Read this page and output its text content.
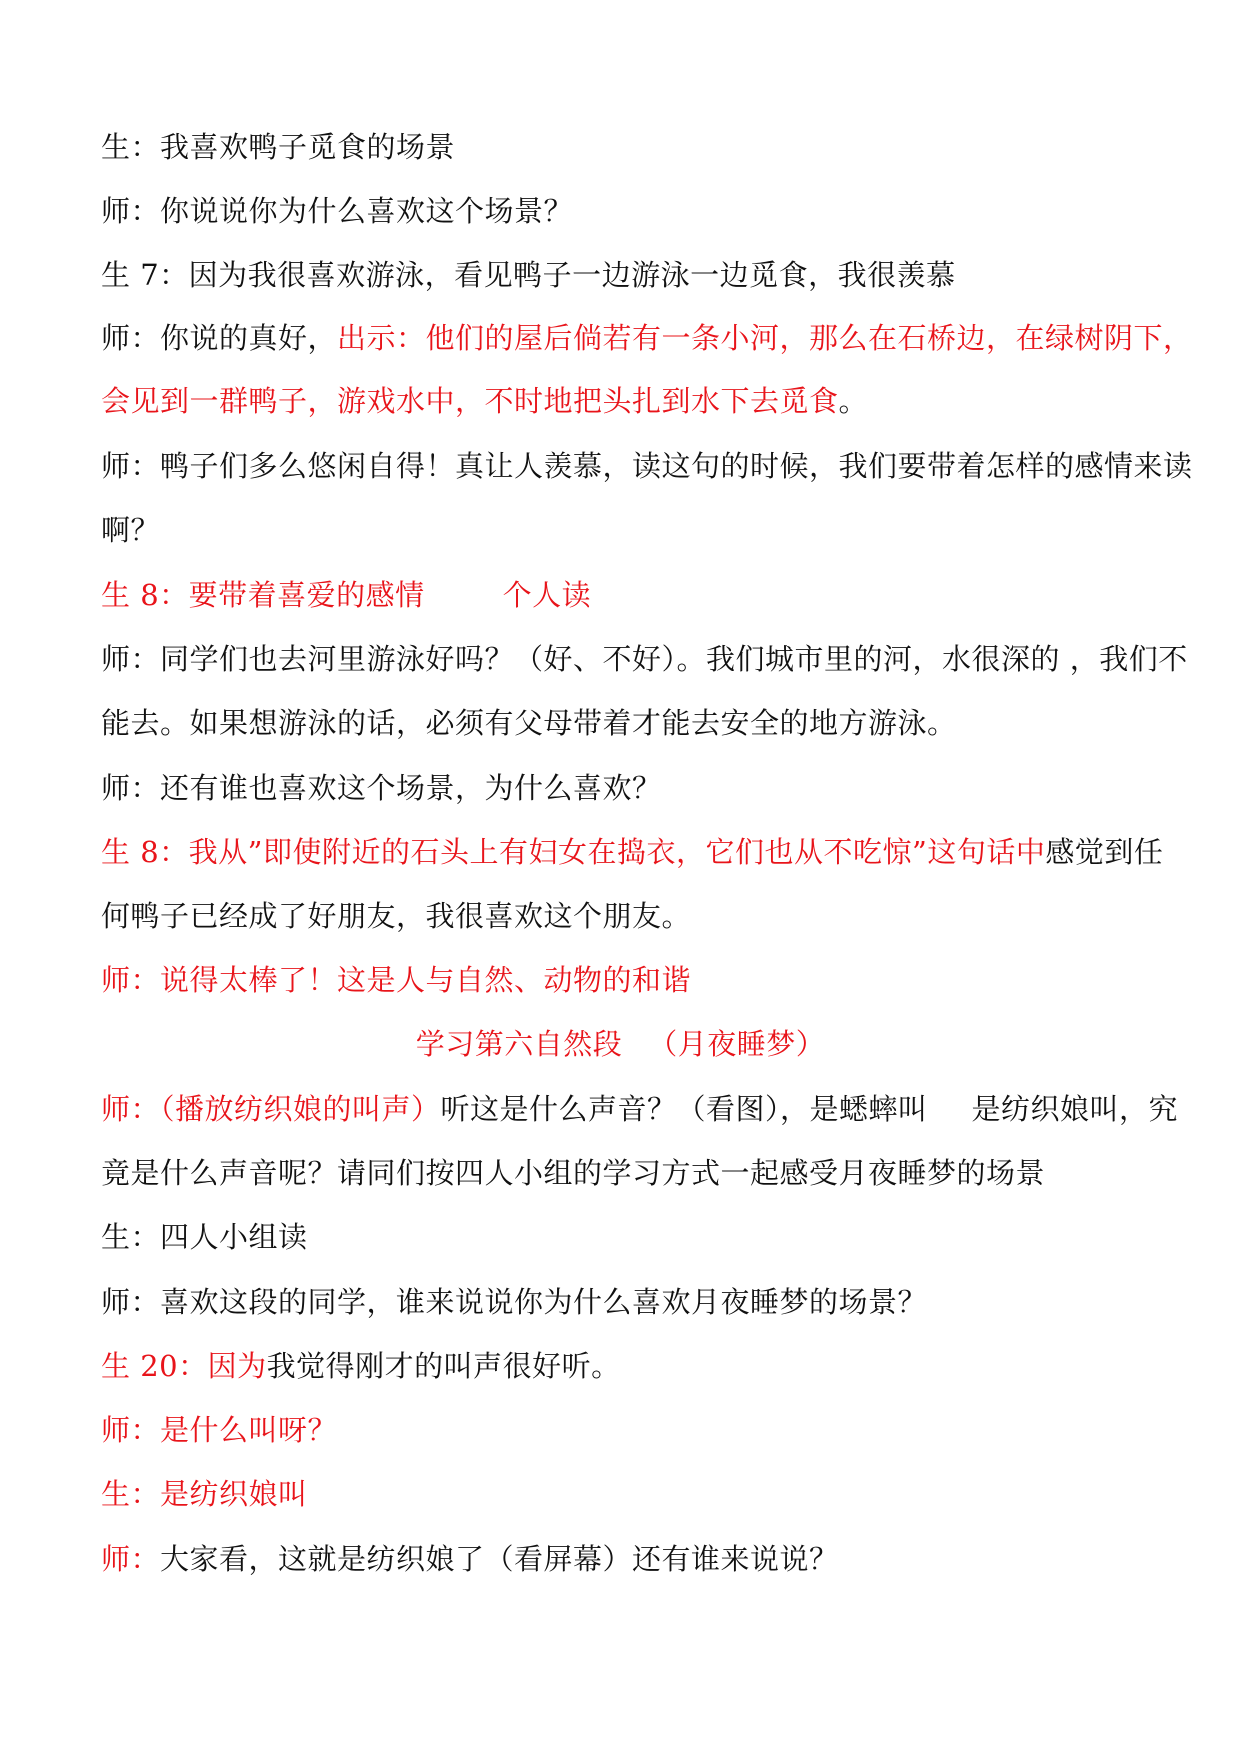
生：我喜欢鸭子觅食的场景
师：你说说你为什么喜欢这个场景？
生 7：因为我很喜欢游泳，看见鸭子一边游泳一边觅食，我很羡慕
师：你说的真好，出示：他们的屋后倘若有一条小河，那么在石桥边，在绿树阴下，
会见到一群鸭子，游戏水中，不时地把头扎到水下去觅食。
师：鸭子们多么悠闲自得！真让人羡慕，读这句的时候，我们要带着怎样的感情来读
啊？
生 8：要带着喜爱的感情	个人读
师：同学们也去河里游泳好吗？（好、不好）。我们城市里的河，水很深的 ，我们不
能去。如果想游泳的话，必须有父母带着才能去安全的地方游泳。
师：还有谁也喜欢这个场景，为什么喜欢？
生 8：我从”即使附近的石头上有妇女在捣衣，它们也从不吃惊”这句话中感觉到任
何鸭子已经成了好朋友，我很喜欢这个朋友。
师：说得太棒了！这是人与自然、动物的和谐
学习第六自然段 （月夜睡梦）
师：（播放纺织娘的叫声）听这是什么声音？（看图），是蟋蟀叫 是纺织娘叫，究
竟是什么声音呢？请同们按四人小组的学习方式一起感受月夜睡梦的场景
生：四人小组读
师：喜欢这段的同学，谁来说说你为什么喜欢月夜睡梦的场景？
生 20：因为我觉得刚才的叫声很好听。
师：是什么叫呀？
生：是纺织娘叫
师：大家看，这就是纺织娘了（看屏幕）还有谁来说说？
